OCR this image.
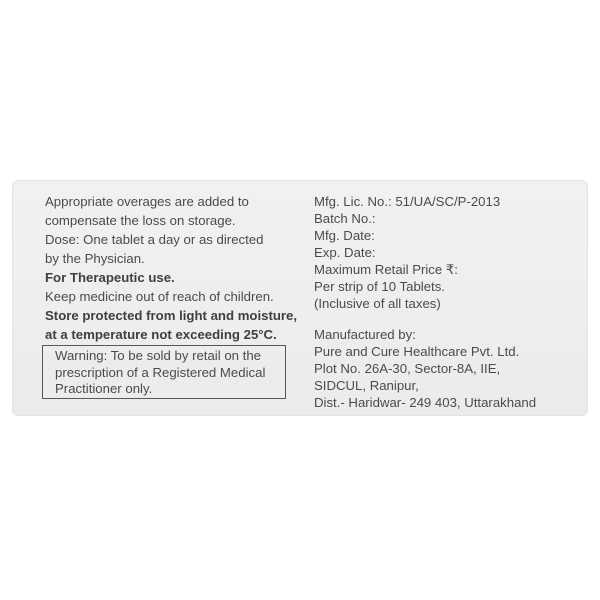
Appropriate overages are added to
compensate the loss on storage.
Dose: One tablet a day or as directed
by the Physician.
For Therapeutic use.
Keep medicine out of reach of children.
Store protected from light and moisture,
at a temperature not exceeding 25°C.
Warning: To be sold by retail on the
prescription of a Registered Medical
Practitioner only.
Mfg. Lic. No.: 51/UA/SC/P-2013
Batch No.:
Mfg. Date:
Exp. Date:
Maximum Retail Price ₹:
Per strip of 10 Tablets.
(Inclusive of all taxes)
Manufactured by:
Pure and Cure Healthcare Pvt. Ltd.
Plot No. 26A-30, Sector-8A, IIE,
SIDCUL, Ranipur,
Dist.- Haridwar- 249 403, Uttarakhand
